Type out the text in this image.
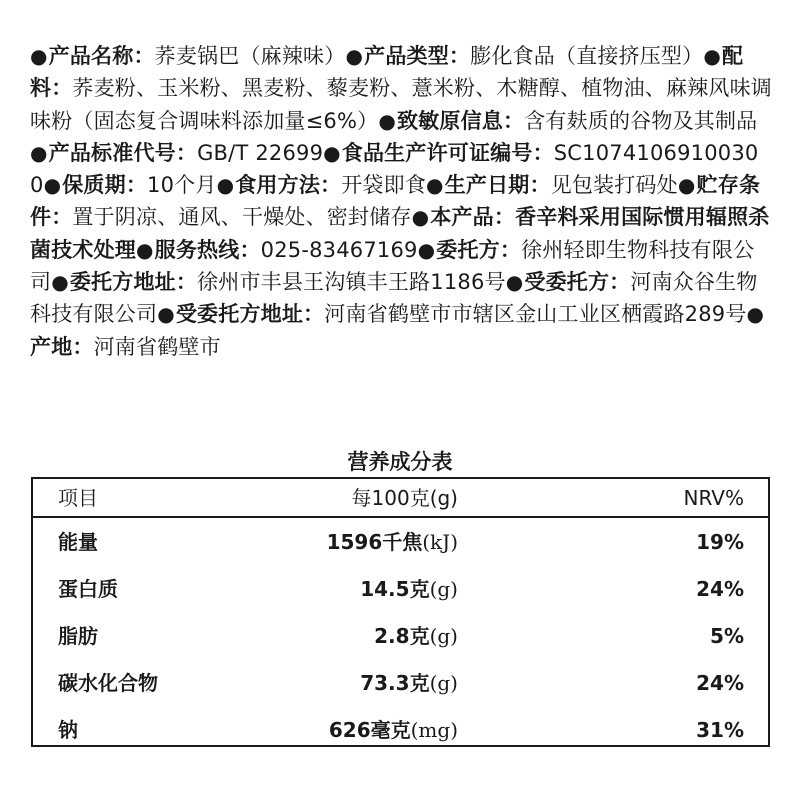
●产品名称：荞麦锅巴（麻辣味）●产品类型：膨化食品（直接挤压型）●配料：荞麦粉、玉米粉、黑麦粉、藜麦粉、薏米粉、木糖醇、植物油、麻辣风味调味粉（固态复合调味料添加量≤6%）●致敏原信息：含有麸质的谷物及其制品●产品标准代号：GB/T 22699●食品生产许可证编号：SC10741069100300●保质期：10个月●食用方法：开袋即食●生产日期：见包装打码处●贮存条件：置于阴凉、通风、干燥处、密封储存●本产品：香辛料采用国际惯用辐照杀菌技术处理●服务热线：025-83467169●委托方：徐州轻即生物科技有限公司●委托方地址：徐州市丰县王沟镇丰王路1186号●受委托方：河南众谷生物科技有限公司●受委托方地址：河南省鹤壁市市辖区金山工业区栖霞路289号●产地：河南省鹤壁市
营养成分表
项目	每100克(g)	NRV%
能量	1596千焦(kJ)	19%
蛋白质	14.5克(g)	24%
脂肪	2.8克(g)	5%
碳水化合物	73.3克(g)	24%
钠	626毫克(mg)	31%
